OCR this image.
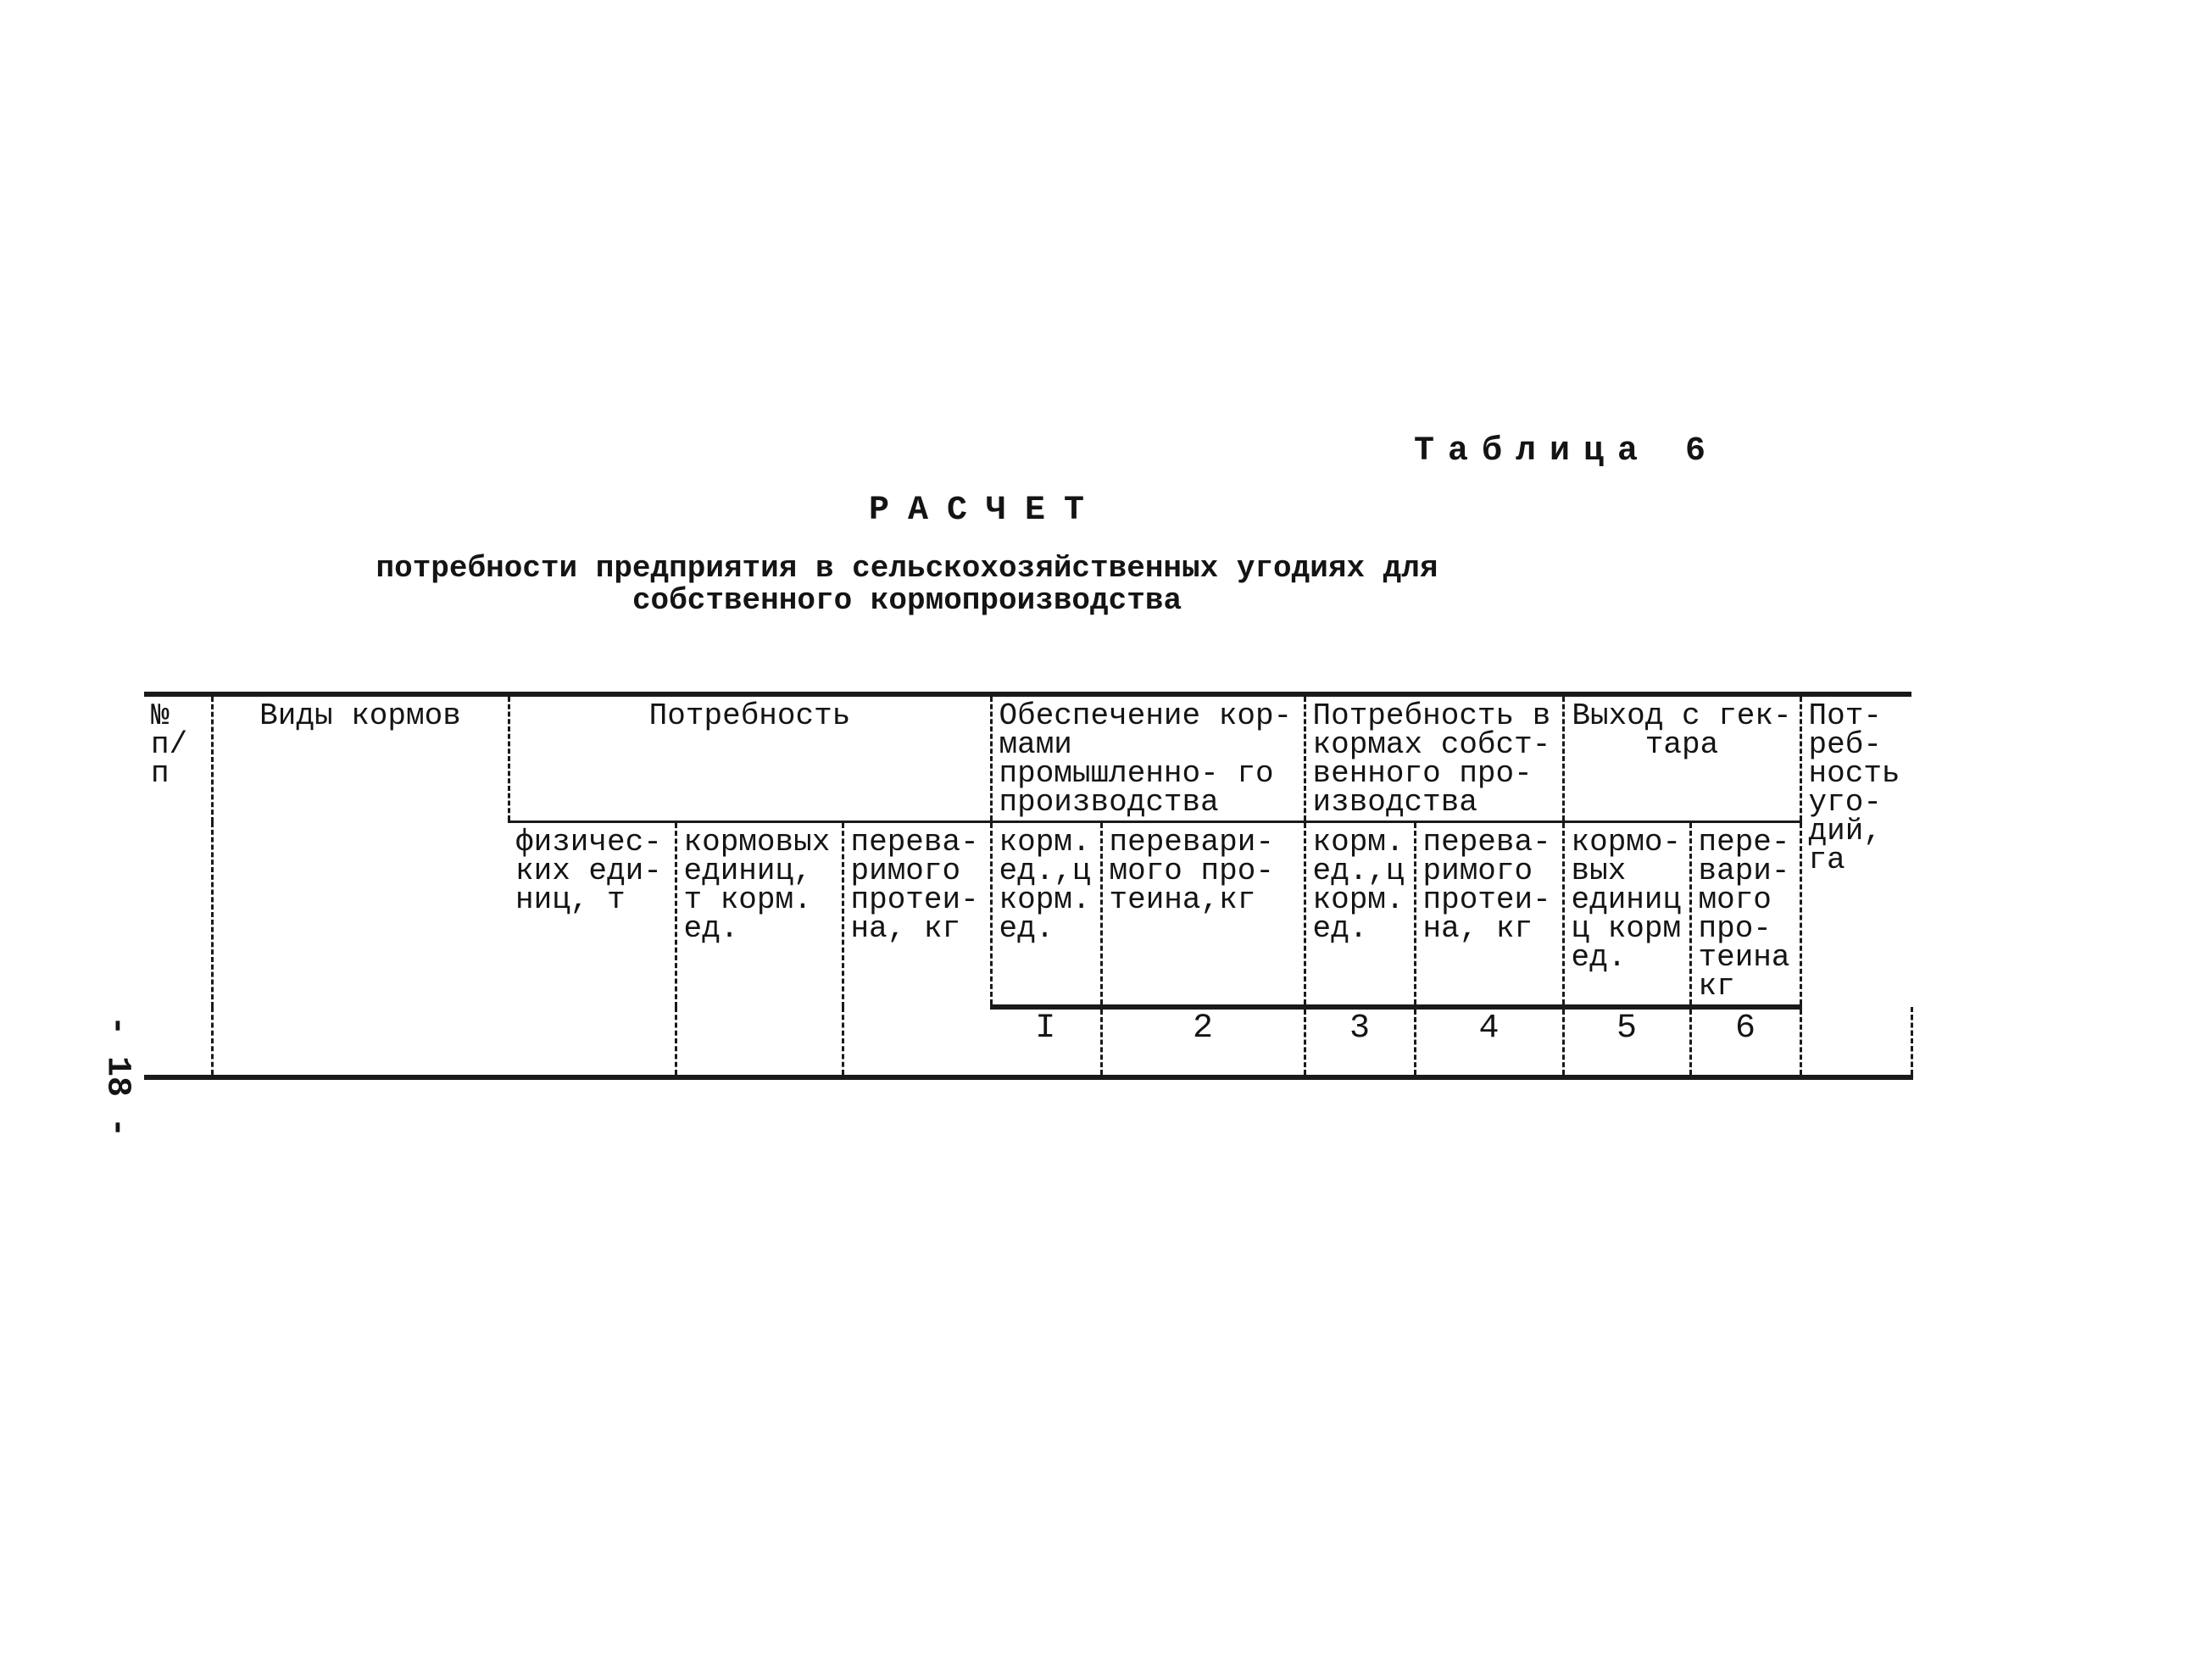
Таблица 6
РАСЧЕТ
потребности предприятия в сельскохозяйственных угодиях для
собственного кормопроизводства
- 18 -
№ п/п	Виды кормов	Потребность			Обеспечение кор- мами промышленно- го производства		Потребность в кормах собст- венного про- изводства		Выход с гек- тара		Пот- реб- ность уго- дий, га	
		физичес- ких еди- ниц, т	кормовых единиц, т корм. ед.	перева- римого протеи- на, кг	корм. ед.,ц корм. ед.	перевари- мого про- теина,кг	корм. ед.,ц корм. ед.	перева- римого протеи- на, кг	кормо- вых единиц ц корм ед.	пере- вари- мого про- теина кг		
					I	2	3	4	5	6						
